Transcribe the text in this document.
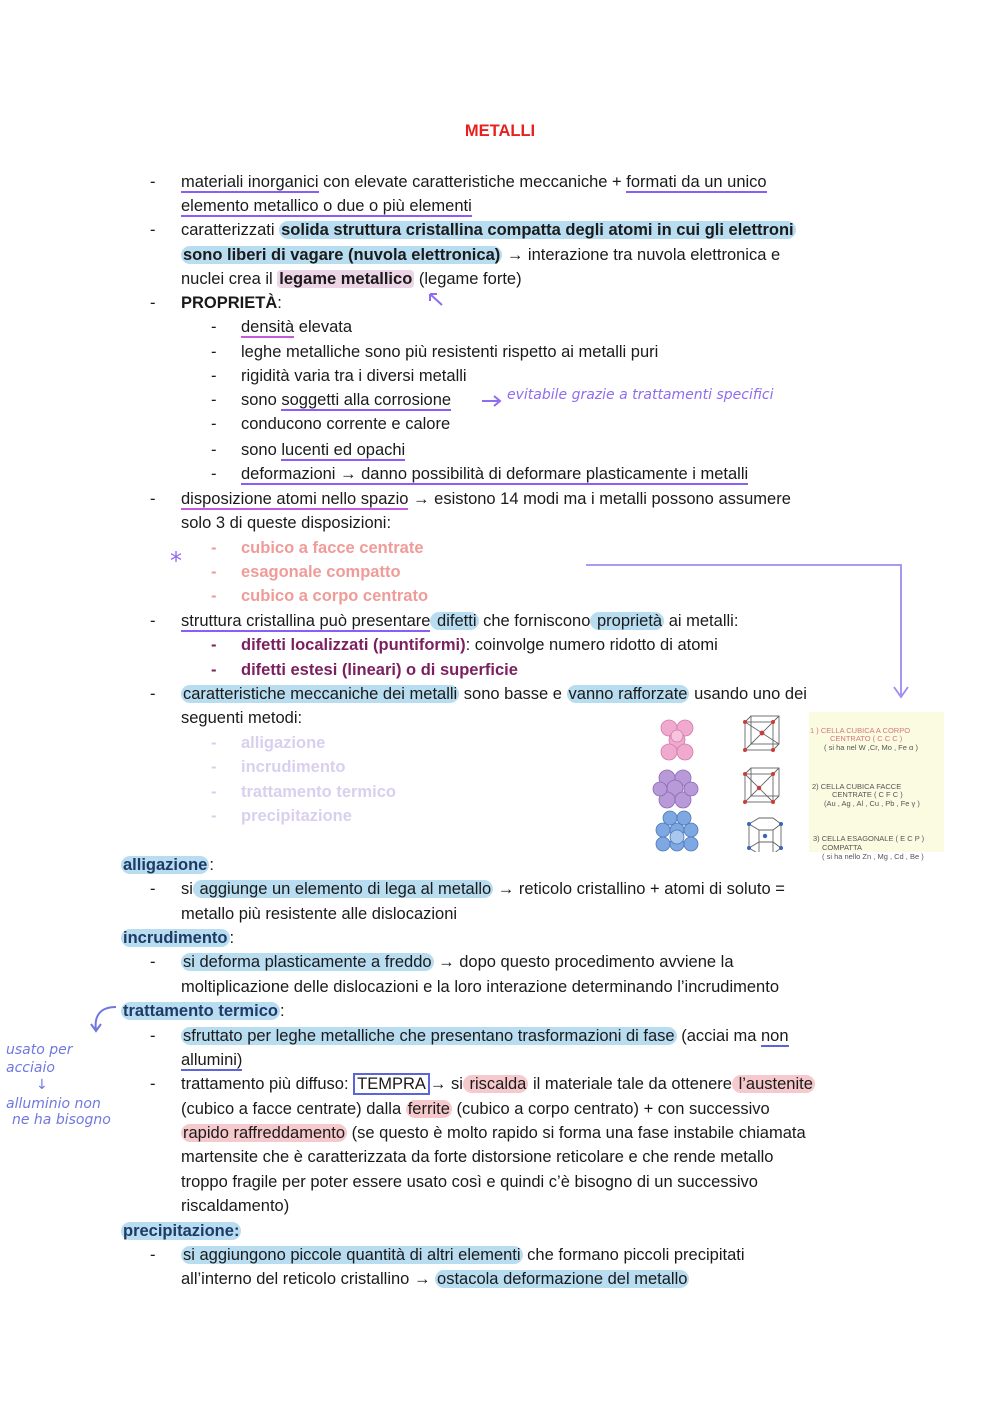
METALLI
-	materiali inorganici con elevate caratteristiche meccaniche + formati da un unico
elemento metallico o due o più elementi
-	caratterizzati solida struttura cristallina compatta degli atomi in cui gli elettroni
sono liberi di vagare (nuvola elettronica) → interazione tra nuvola elettronica e
nuclei crea il legame metallico (legame forte)
-	PROPRIETÀ:
-	densità elevata
-	leghe metalliche sono più resistenti rispetto ai metalli puri
-	rigidità varia tra i diversi metalli
-	sono soggetti alla corrosione
-	conducono corrente e calore
-	sono lucenti ed opachi
-	deformazioni → danno possibilità di deformare plasticamente i metalli
evitabile grazie a trattamenti specifici
-	disposizione atomi nello spazio → esistono 14 modi ma i metalli possono assumere
solo 3 di queste disposizioni:
* -	cubico a facce centrate
-	esagonale compatto
-	cubico a corpo centrato
-	struttura cristallina può presentare difetti che forniscono proprietà ai metalli:
-	difetti localizzati (puntiformi): coinvolge numero ridotto di atomi
-	difetti estesi (lineari) o di superficie
-	caratteristiche meccaniche dei metalli sono basse e vanno rafforzate usando uno dei
seguenti metodi:
-	alligazione
-	incrudimento
-	trattamento termico
-	precipitazione
1 ) CELLA CUBICA A CORPO
CENTRATO ( C C C )
( si ha nel W ,Cr, Mo , Fe α )
2) CELLA CUBICA FACCE
CENTRATE ( C F C )
(Au , Ag , Al , Cu , Pb , Fe γ )
3) CELLA ESAGONALE ( E C P )
COMPATTA
( si ha nello Zn , Mg , Cd , Be )
alligazione :
-	si aggiunge un elemento di lega al metallo → reticolo cristallino + atomi di soluto =
metallo più resistente alle dislocazioni
incrudimento :
-	si deforma plasticamente a freddo → dopo questo procedimento avviene la
moltiplicazione delle dislocazioni e la loro interazione determinando l’incrudimento
trattamento termico :
-	sfruttato per leghe metalliche che presentano trasformazioni di fase (acciai ma non
allumini)
-	trattamento più diffuso: TEMPRA → si riscalda il materiale tale da ottenere l’austenite
(cubico a facce centrate) dalla ferrite (cubico a corpo centrato) + con successivo
rapido raffreddamento (se questo è molto rapido si forma una fase instabile chiamata
martensite che è caratterizzata da forte distorsione reticolare e che rende metallo
troppo fragile per poter essere usato così e quindi c’è bisogno di un successivo
riscaldamento)
precipitazione:
-	si aggiungono piccole quantità di altri elementi che formano piccoli precipitati
all’interno del reticolo cristallino → ostacola deformazione del metallo
usato per
acciaio
↓
alluminio non
ne ha bisogno
